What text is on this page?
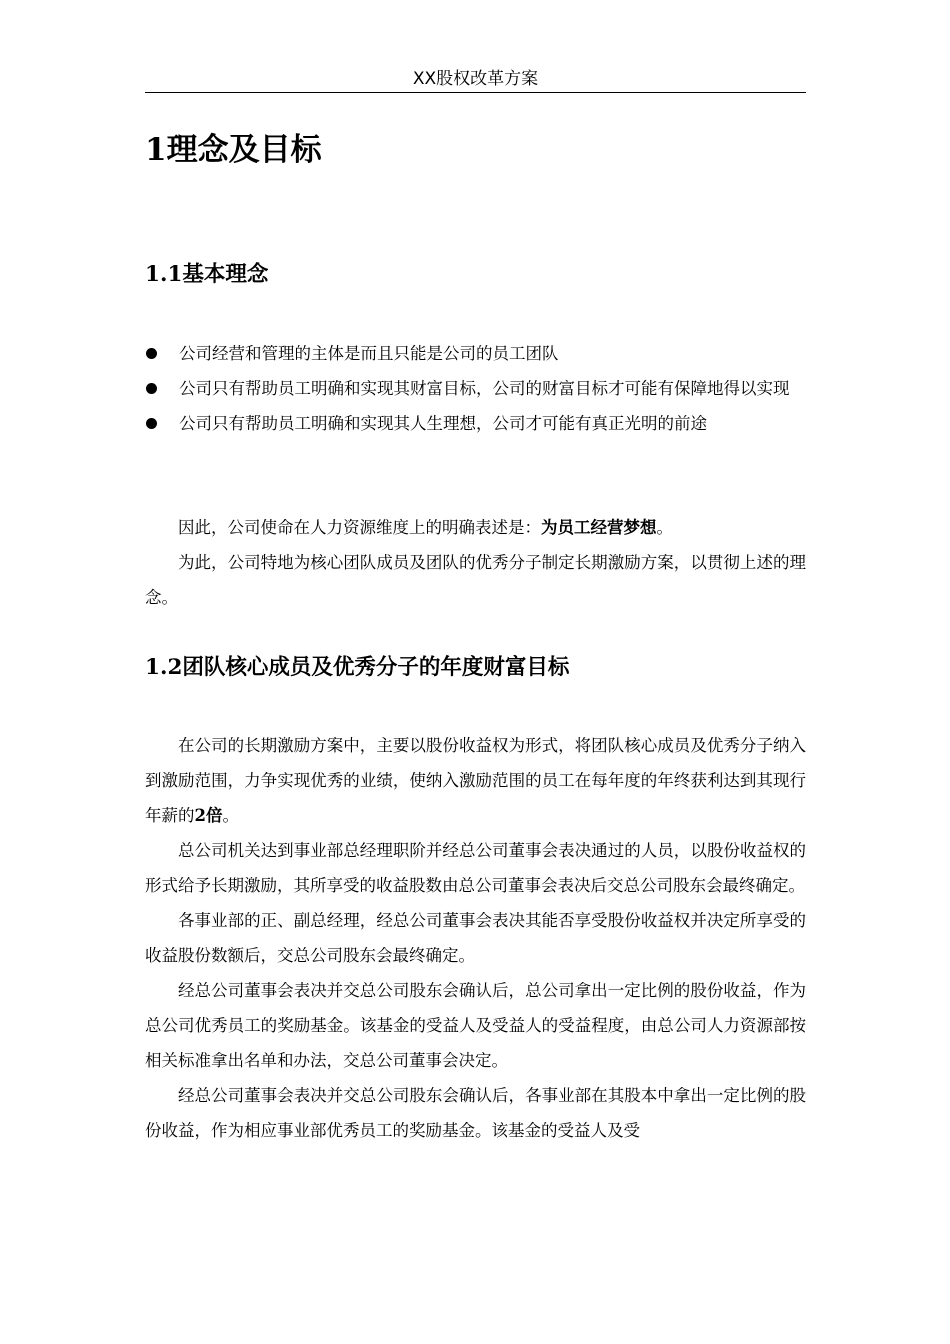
XX股权改革方案
1理念及目标
1.1基本理念
公司经营和管理的主体是而且只能是公司的员工团队
公司只有帮助员工明确和实现其财富目标，公司的财富目标才可能有保障地得以实现
公司只有帮助员工明确和实现其人生理想，公司才可能有真正光明的前途

因此，公司使命在人力资源维度上的明确表述是：为员工经营梦想。

为此，公司特地为核心团队成员及团队的优秀分子制定长期激励方案，以贯彻上述的理念。

1.2团队核心成员及优秀分子的年度财富目标

在公司的长期激励方案中，主要以股份收益权为形式，将团队核心成员及优秀分子纳入到激励范围，力争实现优秀的业绩，使纳入激励范围的员工在每年度的年终获利达到其现行年薪的2倍。

总公司机关达到事业部总经理职阶并经总公司董事会表决通过的人员，以股份收益权的形式给予长期激励，其所享受的收益股数由总公司董事会表决后交总公司股东会最终确定。

各事业部的正、副总经理，经总公司董事会表决其能否享受股份收益权并决定所享受的收益股份数额后，交总公司股东会最终确定。

经总公司董事会表决并交总公司股东会确认后，总公司拿出一定比例的股份收益，作为总公司优秀员工的奖励基金。该基金的受益人及受益人的受益程度，由总公司人力资源部按相关标准拿出名单和办法，交总公司董事会决定。

经总公司董事会表决并交总公司股东会确认后，各事业部在其股本中拿出一定比例的股份收益，作为相应事业部优秀员工的奖励基金。该基金的受益人及受
